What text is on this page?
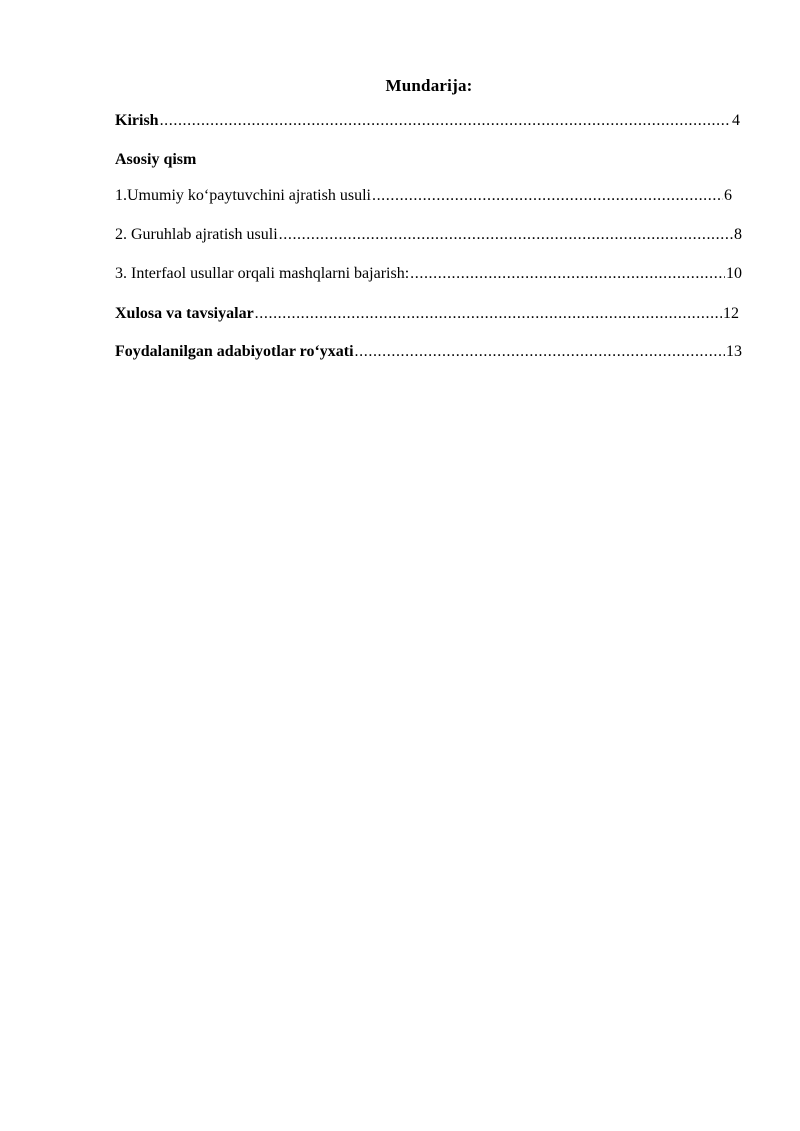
Mundarija:
Kirish .....	4
Asosiy qism
1.Umumiy ko‘paytuvchini ajratish usuli .....	6
2. Guruhlab ajratish usuli .....	8
3. Interfaol usullar orqali mashqlarni bajarish: .....	10
Xulosa va tavsiyalar .....	12
Foydalanilgan adabiyotlar ro‘yxati .....	13
